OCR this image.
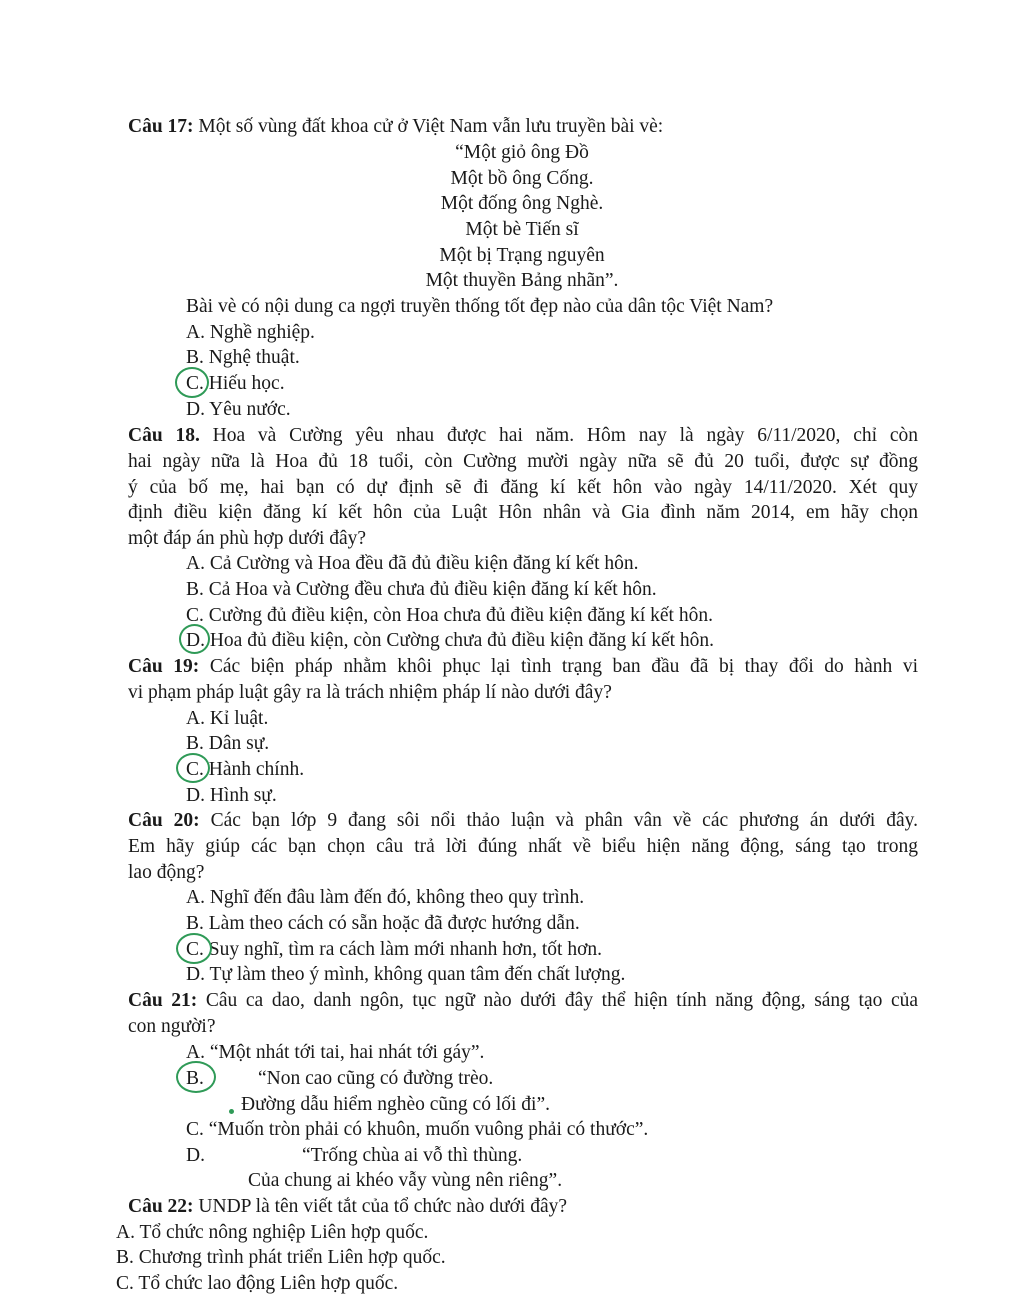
Câu 17: Một số vùng đất khoa cử ở Việt Nam vẫn lưu truyền bài vè:
“Một giỏ ông Đồ
Một bồ ông Cống.
Một đống ông Nghè.
Một bè Tiến sĩ
Một bị Trạng nguyên
Một thuyền Bảng nhãn”.
Bài vè có nội dung ca ngợi truyền thống tốt đẹp nào của dân tộc Việt Nam?
A. Nghề nghiệp.
B. Nghệ thuật.
C. Hiếu học.
D. Yêu nước.
Câu 18. Hoa và Cường yêu nhau được hai năm. Hôm nay là ngày 6/11/2020, chỉ còn
hai ngày nữa là Hoa đủ 18 tuổi, còn Cường mười ngày nữa sẽ đủ 20 tuổi, được sự đồng
ý của bố mẹ, hai bạn có dự định sẽ đi đăng kí kết hôn vào ngày 14/11/2020. Xét quy
định điều kiện đăng kí kết hôn của Luật Hôn nhân và Gia đình năm 2014, em hãy chọn
một đáp án phù hợp dưới đây?
A. Cả Cường và Hoa đều đã đủ điều kiện đăng kí kết hôn.
B. Cả Hoa và Cường đều chưa đủ điều kiện đăng kí kết hôn.
C. Cường đủ điều kiện, còn Hoa chưa đủ điều kiện đăng kí kết hôn.
D. Hoa đủ điều kiện, còn Cường chưa đủ điều kiện đăng kí kết hôn.
Câu 19: Các biện pháp nhằm khôi phục lại tình trạng ban đầu đã bị thay đổi do hành vi
vi phạm pháp luật gây ra là trách nhiệm pháp lí nào dưới đây?
A. Kỉ luật.
B. Dân sự.
C. Hành chính.
D. Hình sự.
Câu 20: Các bạn lớp 9 đang sôi nổi thảo luận và phân vân về các phương án dưới đây.
Em hãy giúp các bạn chọn câu trả lời đúng nhất về biểu hiện năng động, sáng tạo trong
lao động?
A. Nghĩ đến đâu làm đến đó, không theo quy trình.
B. Làm theo cách có sẵn hoặc đã được hướng dẫn.
C. Suy nghĩ, tìm ra cách làm mới nhanh hơn, tốt hơn.
D. Tự làm theo ý mình, không quan tâm đến chất lượng.
Câu 21: Câu ca dao, danh ngôn, tục ngữ nào dưới đây thể hiện tính năng động, sáng tạo của
con người?
A. “Một nhát tới tai, hai nhát tới gáy”.
B.	“Non cao cũng có đường trèo.
Đường dẫu hiểm nghèo cũng có lối đi”.
C. “Muốn tròn phải có khuôn, muốn vuông phải có thước”.
D.	“Trống chùa ai vỗ thì thùng.
Của chung ai khéo vẫy vùng nên riêng”.
Câu 22: UNDP là tên viết tắt của tổ chức nào dưới đây?
A. Tổ chức nông nghiệp Liên hợp quốc.
B. Chương trình phát triển Liên hợp quốc.
C. Tổ chức lao động Liên hợp quốc.
